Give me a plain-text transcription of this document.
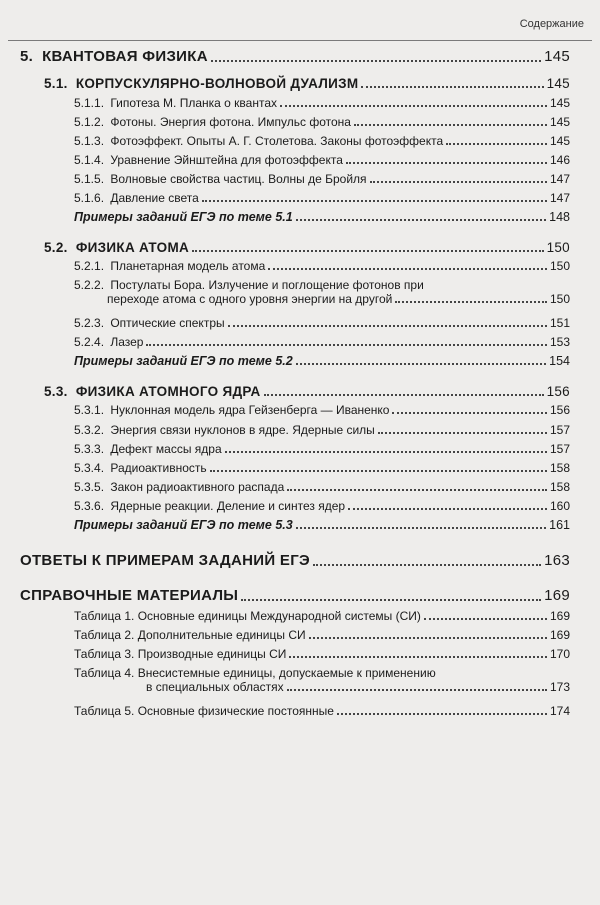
Содержание
5. КВАНТОВАЯ ФИЗИКА	145
5.1. КОРПУСКУЛЯРНО-ВОЛНОВОЙ ДУАЛИЗМ	145
5.1.1. Гипотеза М. Планка о квантах	145
5.1.2. Фотоны. Энергия фотона. Импульс фотона	145
5.1.3. Фотоэффект. Опыты А. Г. Столетова. Законы фотоэффекта	145
5.1.4. Уравнение Эйнштейна для фотоэффекта	146
5.1.5. Волновые свойства частиц. Волны де Бройля	147
5.1.6. Давление света	147
Примеры заданий ЕГЭ по теме 5.1	148
5.2. ФИЗИКА АТОМА	150
5.2.1. Планетарная модель атома	150
5.2.2. Постулаты Бора. Излучение и поглощение фотонов при
переходе атома с одного уровня энергии на другой	150
5.2.3. Оптические спектры	151
5.2.4. Лазер	153
Примеры заданий ЕГЭ по теме 5.2	154
5.3. ФИЗИКА АТОМНОГО ЯДРА	156
5.3.1. Нуклонная модель ядра Гейзенберга — Иваненко	156
5.3.2. Энергия связи нуклонов в ядре. Ядерные силы	157
5.3.3. Дефект массы ядра	157
5.3.4. Радиоактивность	158
5.3.5. Закон радиоактивного распада	158
5.3.6. Ядерные реакции. Деление и синтез ядер	160
Примеры заданий ЕГЭ по теме 5.3	161
ОТВЕТЫ К ПРИМЕРАМ ЗАДАНИЙ ЕГЭ	163
СПРАВОЧНЫЕ МАТЕРИАЛЫ	169
Таблица 1. Основные единицы Международной системы (СИ)	169
Таблица 2. Дополнительные единицы СИ	169
Таблица 3. Производные единицы СИ	170
Таблица 4. Внесистемные единицы, допускаемые к применению
в специальных областях	173
Таблица 5. Основные физические постоянные	174
